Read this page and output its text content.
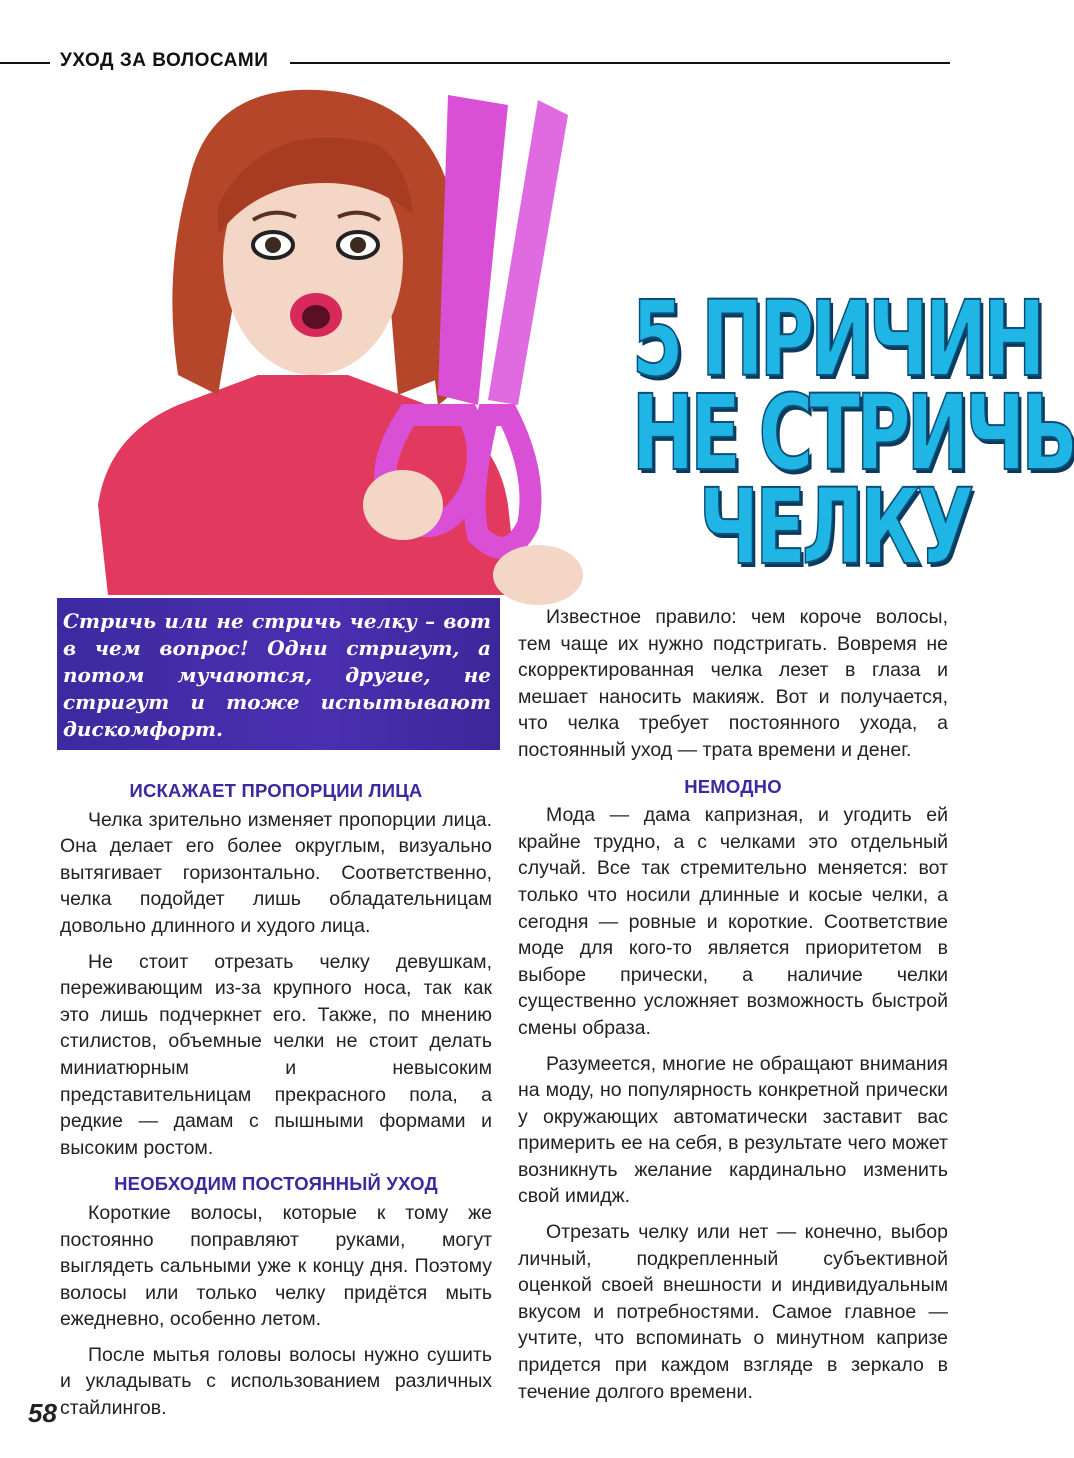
УХОД ЗА ВОЛОСАМИ
5 ПРИЧИН
НЕ СТРИЧЬ
ЧЕЛКУ
Стричь или не стричь челку – вот в чем вопрос! Одни стригут, а потом мучаются, другие, не стригут и тоже испытывают дискомфорт.
ИСКАЖАЕТ ПРОПОРЦИИ ЛИЦА

Челка зрительно изменяет пропорции лица. Она делает его более округлым, визуально вытягивает горизонтально. Соответственно, челка подойдет лишь обладательницам довольно длинного и худого лица.

Не стоит отрезать челку девушкам, переживающим из-за крупного носа, так как это лишь подчеркнет его. Также, по мнению стилистов, объемные челки не стоит делать миниатюрным и невысоким представительницам прекрасного пола, а редкие — дамам с пышными формами и высоким ростом.

НЕОБХОДИМ ПОСТОЯННЫЙ УХОД

Короткие волосы, которые к тому же постоянно поправляют руками, могут выглядеть сальными уже к концу дня. Поэтому волосы или только челку придётся мыть ежедневно, особенно летом.

После мытья головы волосы нужно сушить и укладывать с использованием различных стайлингов.

Известное правило: чем короче волосы, тем чаще их нужно подстригать. Вовремя не скорректированная челка лезет в глаза и мешает наносить макияж. Вот и получается, что челка требует постоянного ухода, а постоянный уход — трата времени и денег.

НЕМОДНО

Мода — дама капризная, и угодить ей крайне трудно, а с челками это отдельный случай. Все так стремительно меняется: вот только что носили длинные и косые челки, а сегодня — ровные и короткие. Соответствие моде для кого-то является приоритетом в выборе прически, а наличие челки существенно усложняет возможность быстрой смены образа.

Разумеется, многие не обращают внимания на моду, но популярность конкретной прически у окружающих автоматически заставит вас примерить ее на себя, в результате чего может возникнуть желание кардинально изменить свой имидж.

Отрезать челку или нет — конечно, выбор личный, подкрепленный субъективной оценкой своей внешности и индивидуальным вкусом и потребностями. Самое главное — учтите, что вспоминать о минутном капризе придется при каждом взгляде в зеркало в течение долгого времени.

58
